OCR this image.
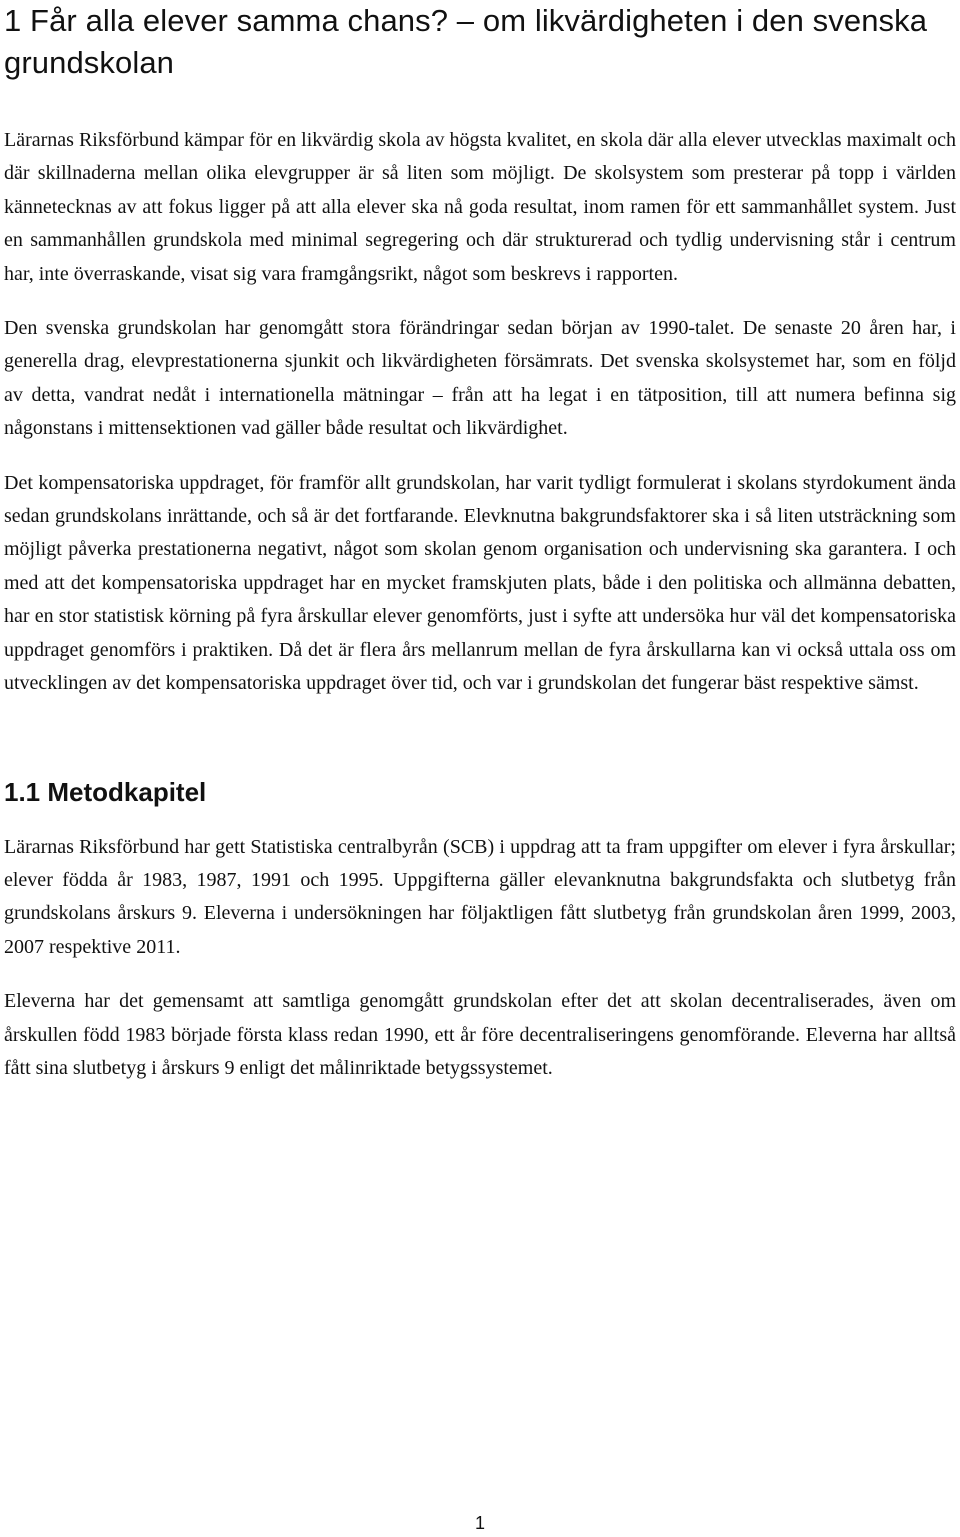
1 Får alla elever samma chans? – om likvärdigheten i den svenska grundskolan

Lärarnas Riksförbund kämpar för en likvärdig skola av högsta kvalitet, en skola där alla elever utvecklas maximalt och där skillnaderna mellan olika elevgrupper är så liten som möjligt. De skolsystem som presterar på topp i världen kännetecknas av att fokus ligger på att alla elever ska nå goda resultat, inom ramen för ett sammanhållet system. Just en sammanhållen grundskola med minimal segregering och där strukturerad och tydlig undervisning står i centrum har, inte överraskande, visat sig vara framgångsrikt, något som beskrevs i rapporten.

Den svenska grundskolan har genomgått stora förändringar sedan början av 1990-talet. De senaste 20 åren har, i generella drag, elevprestationerna sjunkit och likvärdigheten försämrats. Det svenska skolsystemet har, som en följd av detta, vandrat nedåt i internationella mätningar – från att ha legat i en tätposition, till att numera befinna sig någonstans i mittensektionen vad gäller både resultat och likvärdighet.

Det kompensatoriska uppdraget, för framför allt grundskolan, har varit tydligt formulerat i skolans styrdokument ända sedan grundskolans inrättande, och så är det fortfarande. Elevknutna bakgrundsfaktorer ska i så liten utsträckning som möjligt påverka prestationerna negativt, något som skolan genom organisation och undervisning ska garantera. I och med att det kompensatoriska uppdraget har en mycket framskjuten plats, både i den politiska och allmänna debatten, har en stor statistisk körning på fyra årskullar elever genomförts, just i syfte att undersöka hur väl det kompensatoriska uppdraget genomförs i praktiken. Då det är flera års mellanrum mellan de fyra årskullarna kan vi också uttala oss om utvecklingen av det kompensatoriska uppdraget över tid, och var i grundskolan det fungerar bäst respektive sämst.

1.1 Metodkapitel

Lärarnas Riksförbund har gett Statistiska centralbyrån (SCB) i uppdrag att ta fram uppgifter om elever i fyra årskullar; elever födda år 1983, 1987, 1991 och 1995. Uppgifterna gäller elevanknutna bakgrundsfakta och slutbetyg från grundskolans årskurs 9. Eleverna i undersökningen har följaktligen fått slutbetyg från grundskolan åren 1999, 2003, 2007 respektive 2011.

Eleverna har det gemensamt att samtliga genomgått grundskolan efter det att skolan decentraliserades, även om årskullen född 1983 började första klass redan 1990, ett år före decentraliseringens genomförande. Eleverna har alltså fått sina slutbetyg i årskurs 9 enligt det målinriktade betygssystemet.

1
